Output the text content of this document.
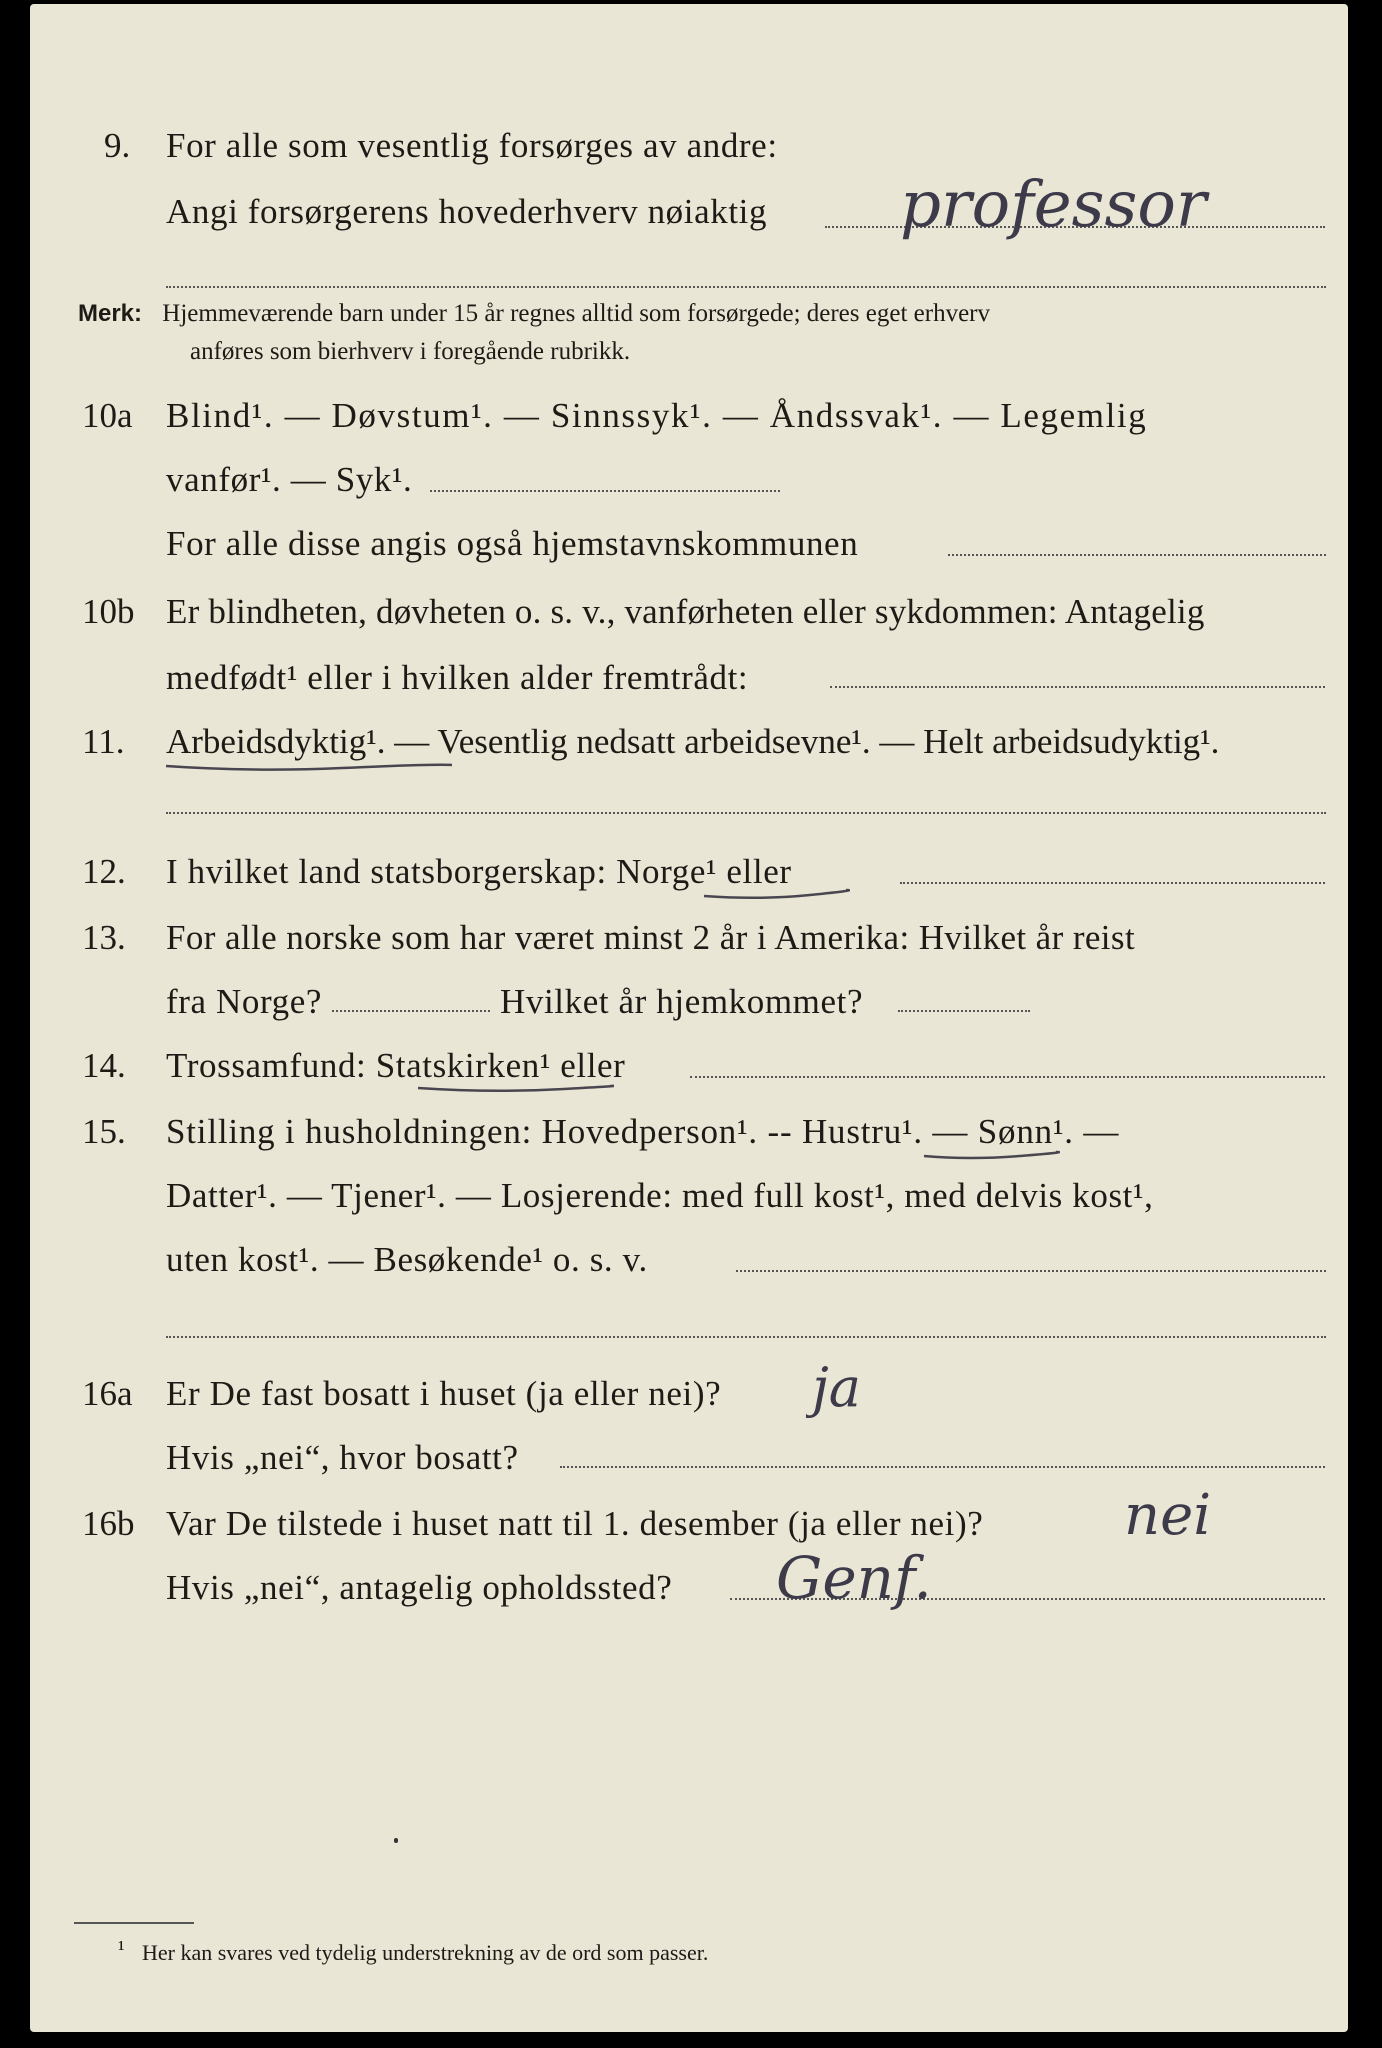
9. For alle som vesentlig forsørges av andre:
Angi forsørgerens hovederhverv nøiaktig professor
Merk: Hjemmeværende barn under 15 år regnes alltid som forsørgede; deres eget erhverv
anføres som bierhverv i foregående rubrikk.
10a Blind¹. — Døvstum¹. — Sinnssyk¹. — Åndssvak¹. — Legemlig
vanfør¹. — Syk¹.
For alle disse angis også hjemstavnskommunen
10b Er blindheten, døvheten o. s. v., vanførheten eller sykdommen: Antagelig
medfødt¹ eller i hvilken alder fremtrådt:
11. Arbeidsdyktig¹. — Vesentlig nedsatt arbeidsevne¹. — Helt arbeidsudyktig¹.
12. I hvilket land statsborgerskap: Norge¹ eller
13. For alle norske som har været minst 2 år i Amerika: Hvilket år reist
fra Norge?	Hvilket år hjemkommet?
14. Trossamfund: Statskirken¹ eller
15. Stilling i husholdningen: Hovedperson¹. -- Hustru¹. — Sønn¹. —
Datter¹. — Tjener¹. — Losjerende: med full kost¹, med delvis kost¹,
uten kost¹. — Besøkende¹ o. s. v.
16a Er De fast bosatt i huset (ja eller nei)? ja
Hvis „nei“, hvor bosatt?
16b Var De tilstede i huset natt til 1. desember (ja eller nei)?	nei
Hvis „nei“, antagelig opholdssted? Genf.
¹ Her kan svares ved tydelig understrekning av de ord som passer.
